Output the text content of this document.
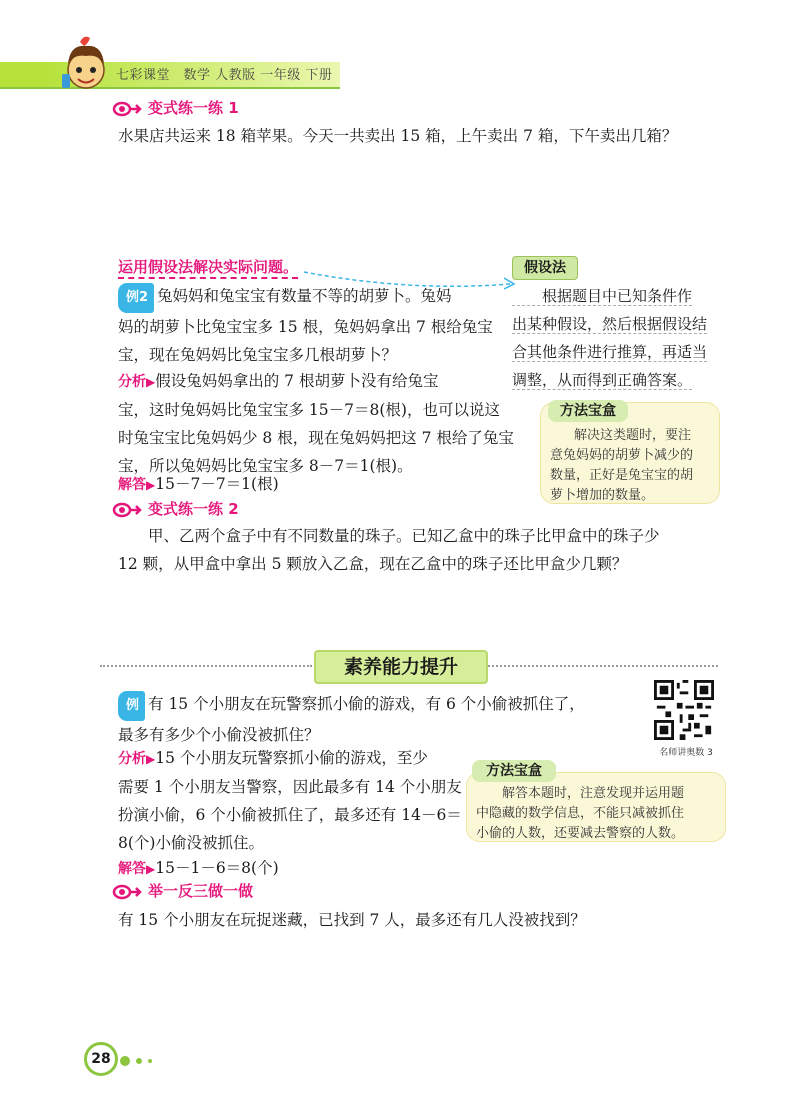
七彩课堂　数学 人教版 一年级 下册
变式练一练 1
水果店共运来 18 箱苹果。今天一共卖出 15 箱，上午卖出 7 箱，下午卖出几箱？
运用假设法解决实际问题。
例2 兔妈妈和兔宝宝有数量不等的胡萝卜。兔妈
妈的胡萝卜比兔宝宝多 15 根，兔妈妈拿出 7 根给兔宝
宝，现在兔妈妈比兔宝宝多几根胡萝卜？
分析▶假设兔妈妈拿出的 7 根胡萝卜没有给兔宝
宝，这时兔妈妈比兔宝宝多 15－7＝8(根)，也可以说这
时兔宝宝比兔妈妈少 8 根，现在兔妈妈把这 7 根给了兔宝
宝，所以兔妈妈比兔宝宝多 8－7＝1(根)。
解答▶15－7－7＝1(根)
假设法
根据题目中已知条件作
出某种假设，然后根据假设结
合其他条件进行推算，再适当
调整，从而得到正确答案。
方法宝盒
解决这类题时，要注
意兔妈妈的胡萝卜减少的
数量，正好是兔宝宝的胡
萝卜增加的数量。
变式练一练 2
甲、乙两个盒子中有不同数量的珠子。已知乙盒中的珠子比甲盒中的珠子少
12 颗，从甲盒中拿出 5 颗放入乙盒，现在乙盒中的珠子还比甲盒少几颗？
素养能力提升
例 有 15 个小朋友在玩警察抓小偷的游戏，有 6 个小偷被抓住了，
最多有多少个小偷没被抓住？
分析▶15 个小朋友玩警察抓小偷的游戏，至少
需要 1 个小朋友当警察，因此最多有 14 个小朋友
扮演小偷，6 个小偷被抓住了，最多还有 14－6＝
8(个)小偷没被抓住。
解答▶15－1－6＝8(个)
名师讲奥数 3
方法宝盒
解答本题时，注意发现并运用题
中隐藏的数学信息，不能只减被抓住
小偷的人数，还要减去警察的人数。
举一反三做一做
有 15 个小朋友在玩捉迷藏，已找到 7 人，最多还有几人没被找到？
28
